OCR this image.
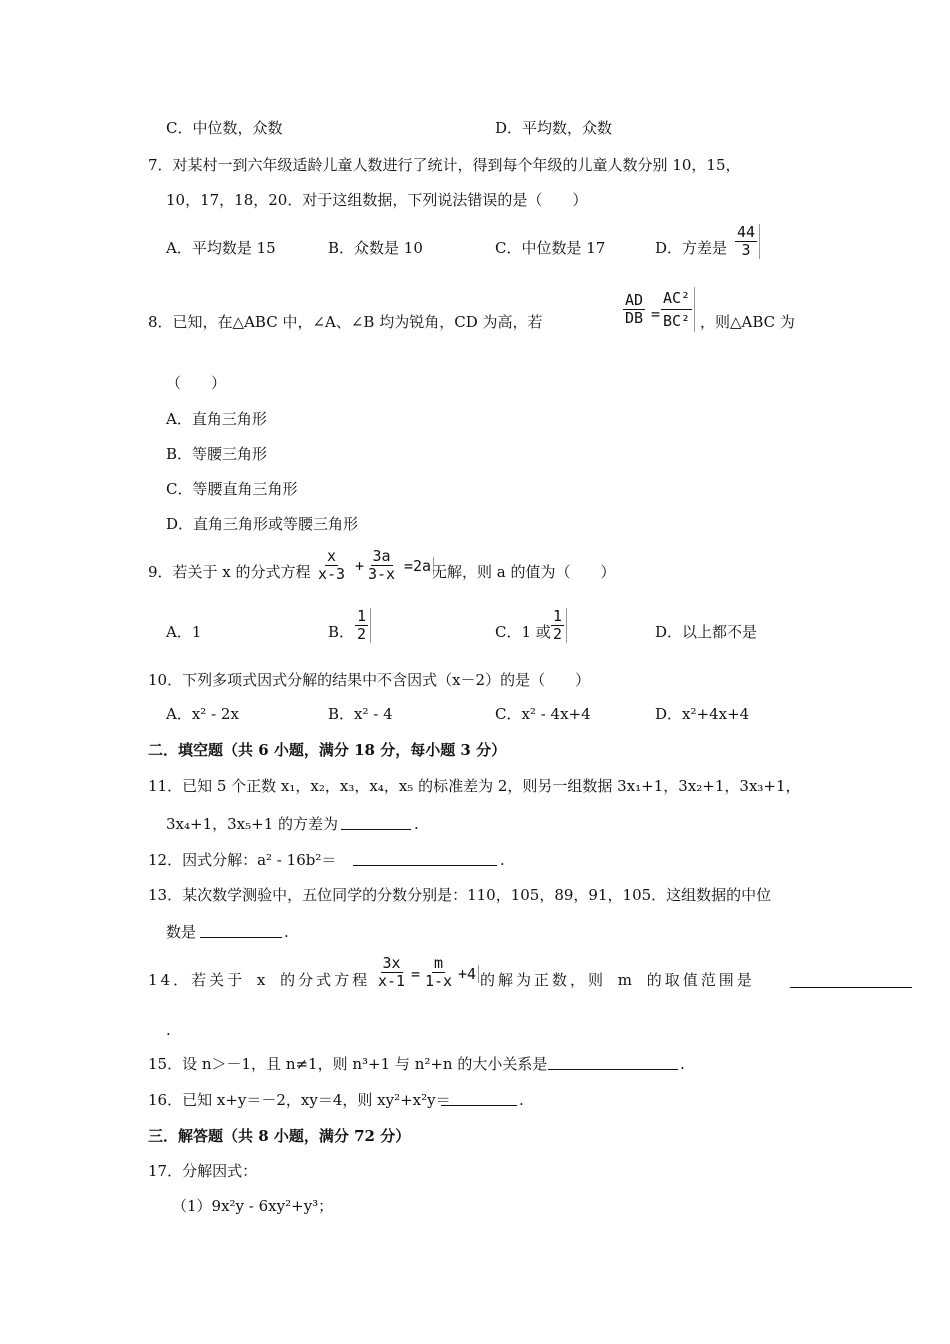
C．中位数，众数	D．平均数，众数
7．对某村一到六年级适龄儿童人数进行了统计，得到每个年级的儿童人数分别 10，15，
10，17，18，20．对于这组数据，下列说法错误的是（　　）
A．平均数是 15	B．众数是 10	C．中位数是 17	D．方差是 $\frac{44}{3}$
8．已知，在△ABC 中，∠A、∠B 均为锐角，CD 为高，若	$\frac{AD}{DB} = \frac{\text{AC²}}{\text{BC²}}$ ，则△ABC 为
（　　）
A．直角三角形
B．等腰三角形
C．等腰直角三角形
D．直角三角形或等腰三角形
9．若关于 x 的分式方程 $\frac{x}{x-3} + \frac{3a}{3-x} =2a$ 无解，则 a 的值为（　　）
A．1	B． $\frac{1}{2}$	C．1 或 $\frac{1}{2}$	D．以上都不是
10．下列多项式因式分解的结果中不含因式（x－2）的是（　　）
A．x² - 2x	B．x² - 4	C．x² - 4x+4	D．x²+4x+4
二．填空题（共 6 小题，满分 18 分，每小题 3 分）
11．已知 5 个正数 x₁，x₂，x₃，x₄，x₅ 的标准差为 2，则另一组数据 3x₁+1，3x₂+1，3x₃+1，
3x₄+1，3x₅+1 的方差为	.
12．因式分解：a² - 16b²＝	.
13．某次数学测验中，五位同学的分数分别是：110，105，89，91，105．这组数据的中位
数是	.
14．若关于 x 的分式方程 $\frac{3x}{x-1} = \frac{m}{1-x} +4$ 的解为正数，则 m 的取值范围是
.
15．设 n＞－1，且 n≠1，则 n³+1 与 n²+n 的大小关系是	.
16．已知 x+y＝－2，xy＝4，则 xy²+x²y＝	.
三．解答题（共 8 小题，满分 72 分）
17．分解因式：
（1）9x²y - 6xy²+y³；
